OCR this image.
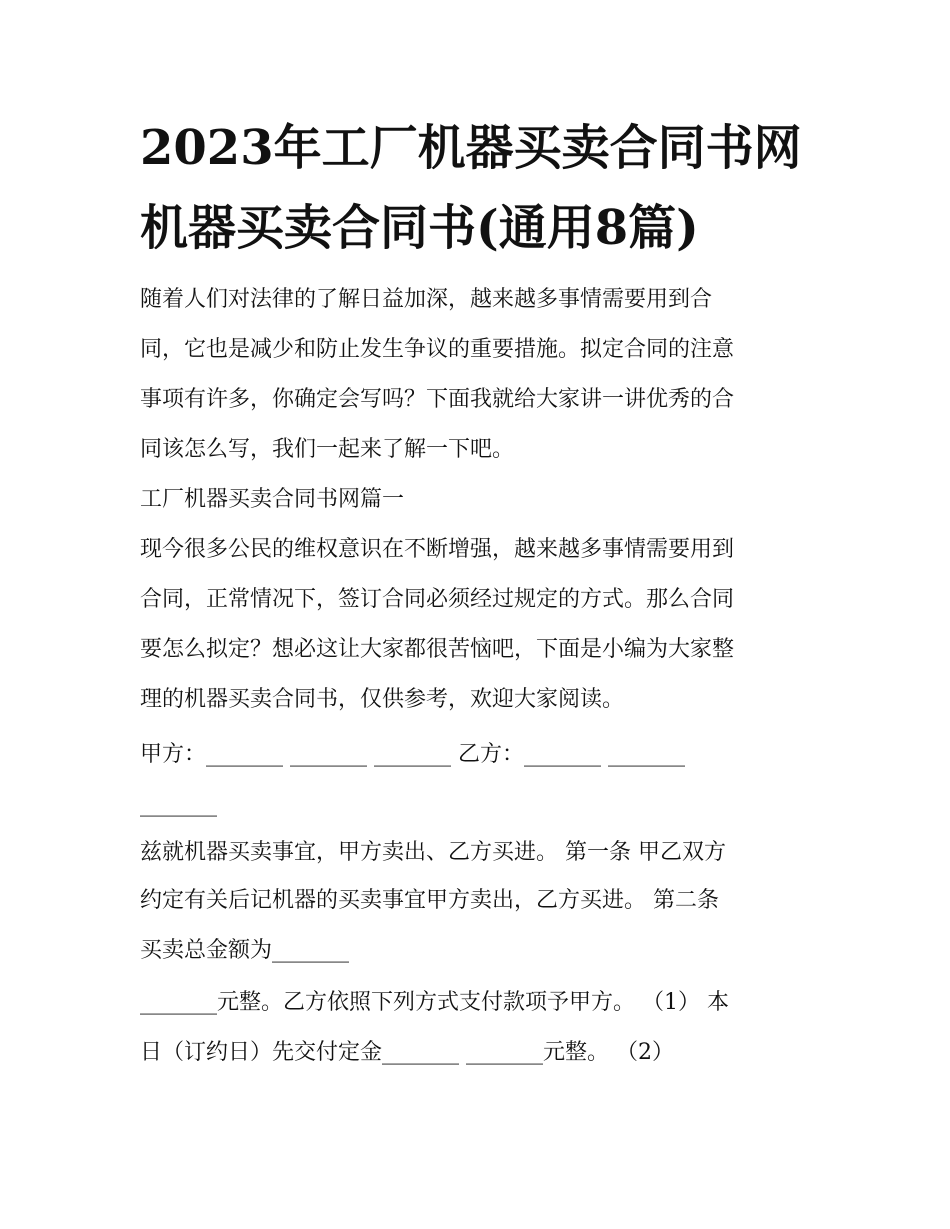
2023年工厂机器买卖合同书网
机器买卖合同书(通用8篇)
随着人们对法律的了解日益加深，越来越多事情需要用到合
同，它也是减少和防止发生争议的重要措施。拟定合同的注意
事项有许多，你确定会写吗？下面我就给大家讲一讲优秀的合
同该怎么写，我们一起来了解一下吧。
工厂机器买卖合同书网篇一
现今很多公民的维权意识在不断增强，越来越多事情需要用到
合同，正常情况下，签订合同必须经过规定的方式。那么合同
要怎么拟定？想必这让大家都很苦恼吧，下面是小编为大家整
理的机器买卖合同书，仅供参考，欢迎大家阅读。
甲方：_______ _______ _______ 乙方：_______ _______
_______
兹就机器买卖事宜，甲方卖出、乙方买进。 第一条 甲乙双方
约定有关后记机器的买卖事宜甲方卖出，乙方买进。 第二条
买卖总金额为_______
_______元整。乙方依照下列方式支付款项予甲方。 （1） 本
日（订约日）先交付定金_______ _______元整。 （2）
